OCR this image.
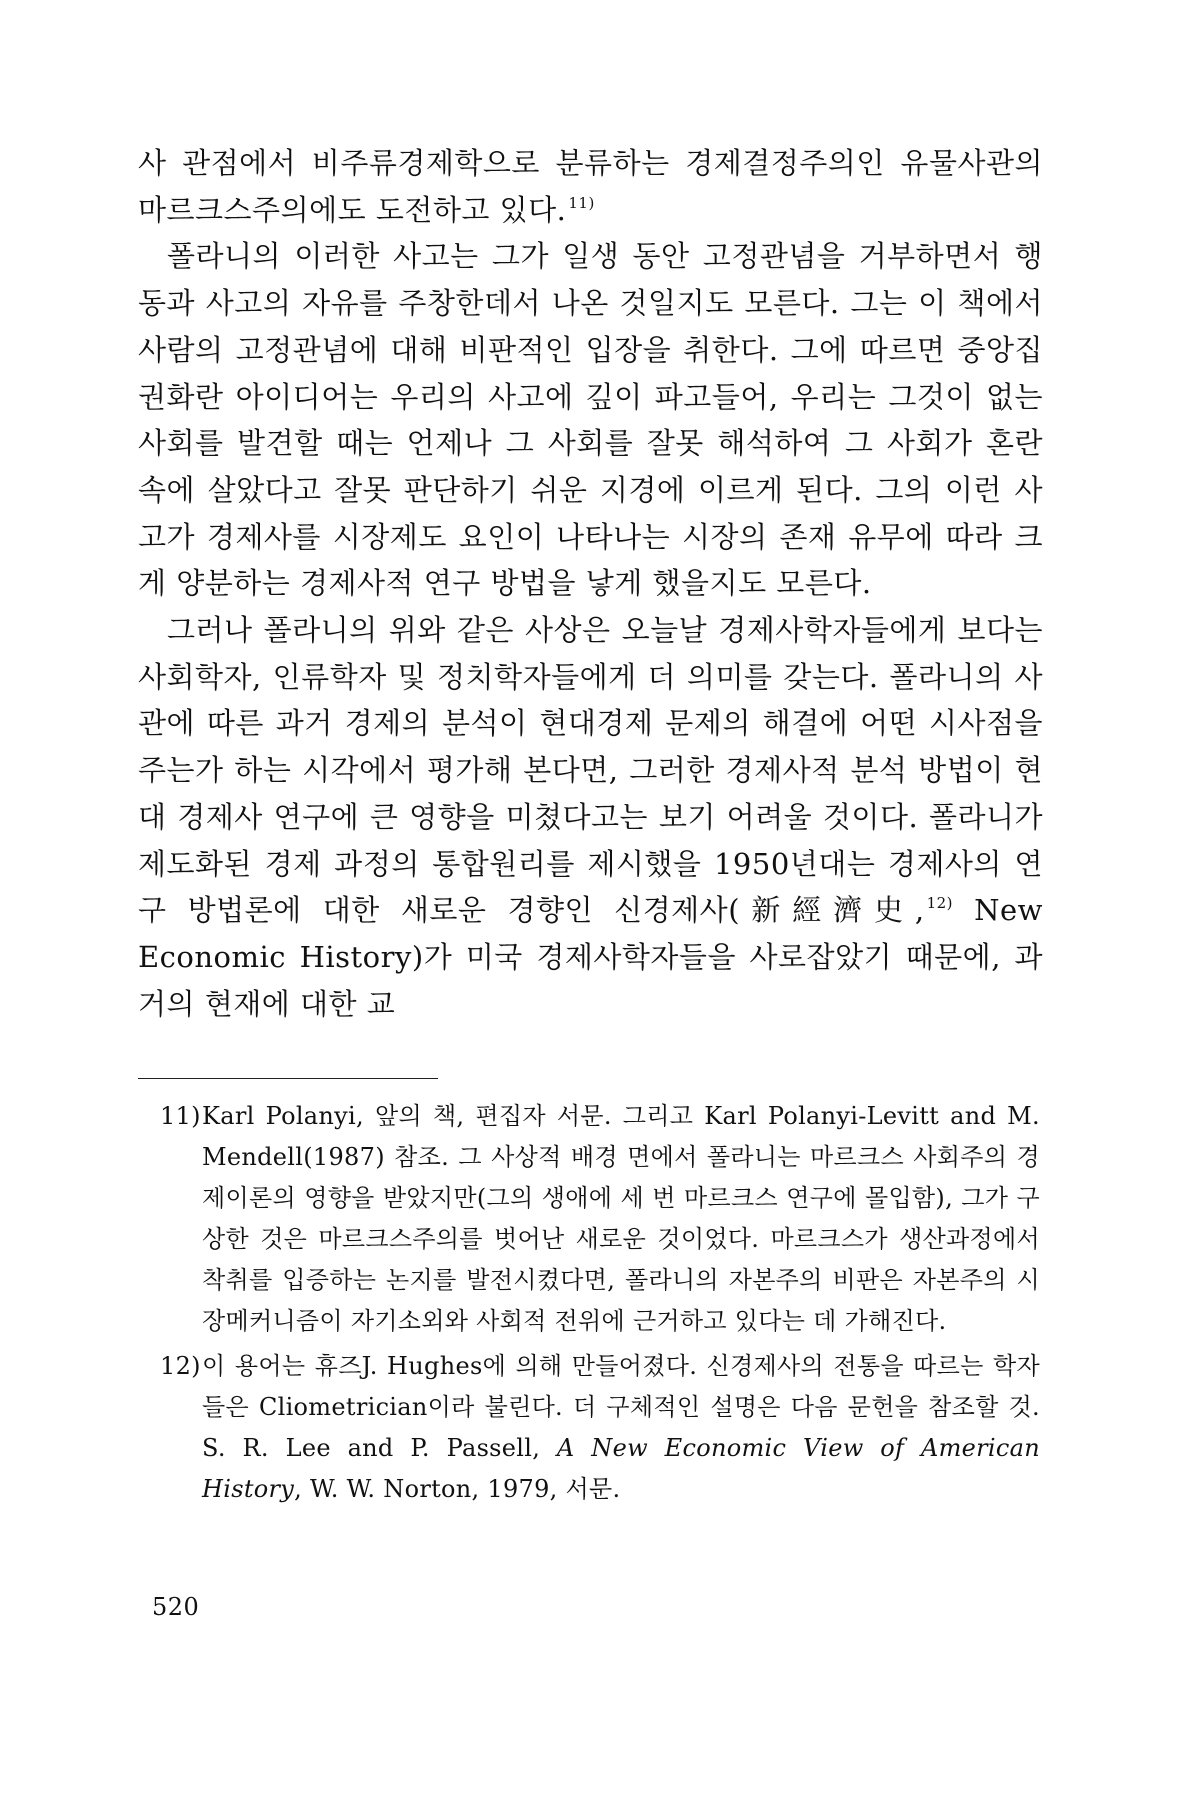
사 관점에서 비주류경제학으로 분류하는 경제결정주의인 유물사관의 마르크스주의에도 도전하고 있다. $^{11)}$

폴라니의 이러한 사고는 그가 일생 동안 고정관념을 거부하면서 행동과 사고의 자유를 주창한데서 나온 것일지도 모른다. 그는 이 책에서 사람의 고정관념에 대해 비판적인 입장을 취한다. 그에 따르면 중앙집권화란 아이디어는 우리의 사고에 깊이 파고들어, 우리는 그것이 없는 사회를 발견할 때는 언제나 그 사회를 잘못 해석하여 그 사회가 혼란 속에 살았다고 잘못 판단하기 쉬운 지경에 이르게 된다. 그의 이런 사고가 경제사를 시장제도 요인이 나타나는 시장의 존재 유무에 따라 크게 양분하는 경제사적 연구 방법을 낳게 했을지도 모른다.

그러나 폴라니의 위와 같은 사상은 오늘날 경제사학자들에게 보다는 사회학자, 인류학자 및 정치학자들에게 더 의미를 갖는다. 폴라니의 사관에 따른 과거 경제의 분석이 현대경제 문제의 해결에 어떤 시사점을 주는가 하는 시각에서 평가해 본다면, 그러한 경제사적 분석 방법이 현대 경제사 연구에 큰 영향을 미쳤다고는 보기 어려울 것이다. 폴라니가 제도화된 경제 과정의 통합원리를 제시했을 1950년대는 경제사의 연구 방법론에 대한 새로운 경향인 신경제사(新經濟史, $^{12)}$ New Economic History)가 미국 경제사학자들을 사로잡았기 때문에, 과거의 현재에 대한 교

11) Karl Polanyi, 앞의 책, 편집자 서문. 그리고 Karl Polanyi-Levitt and M. Mendell(1987) 참조. 그 사상적 배경 면에서 폴라니는 마르크스 사회주의 경제이론의 영향을 받았지만(그의 생애에 세 번 마르크스 연구에 몰입함), 그가 구상한 것은 마르크스주의를 벗어난 새로운 것이었다. 마르크스가 생산과정에서 착취를 입증하는 논지를 발전시켰다면, 폴라니의 자본주의 비판은 자본주의 시장메커니즘이 자기소외와 사회적 전위에 근거하고 있다는 데 가해진다.
12) 이 용어는 휴즈J. Hughes에 의해 만들어졌다. 신경제사의 전통을 따르는 학자들은 Cliometrician이라 불린다. 더 구체적인 설명은 다음 문헌을 참조할 것. S. R. Lee and P. Passell, A New Economic View of American History, W. W. Norton, 1979, 서문.
520
